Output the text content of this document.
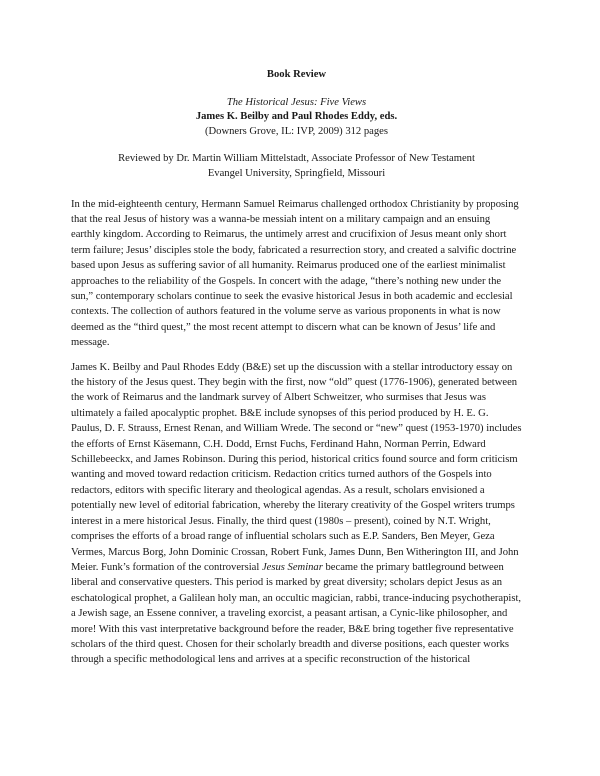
Book Review
The Historical Jesus: Five Views
James K. Beilby and Paul Rhodes Eddy, eds.
(Downers Grove, IL: IVP, 2009) 312 pages
Reviewed by Dr. Martin William Mittelstadt, Associate Professor of New Testament
Evangel University, Springfield, Missouri

In the mid-eighteenth century, Hermann Samuel Reimarus challenged orthodox Christianity by proposing that the real Jesus of history was a wanna-be messiah intent on a military campaign and an ensuing earthly kingdom. According to Reimarus, the untimely arrest and crucifixion of Jesus meant only short term failure; Jesus’ disciples stole the body, fabricated a resurrection story, and created a salvific doctrine based upon Jesus as suffering savior of all humanity. Reimarus produced one of the earliest minimalist approaches to the reliability of the Gospels. In concert with the adage, “there’s nothing new under the sun,” contemporary scholars continue to seek the evasive historical Jesus in both academic and ecclesial contexts. The collection of authors featured in the volume serve as various proponents in what is now deemed as the “third quest,” the most recent attempt to discern what can be known of Jesus’ life and message.

James K. Beilby and Paul Rhodes Eddy (B&E) set up the discussion with a stellar introductory essay on the history of the Jesus quest. They begin with the first, now “old” quest (1776-1906), generated between the work of Reimarus and the landmark survey of Albert Schweitzer, who surmises that Jesus was ultimately a failed apocalyptic prophet. B&E include synopses of this period produced by H. E. G. Paulus, D. F. Strauss, Ernest Renan, and William Wrede. The second or “new” quest (1953-1970) includes the efforts of Ernst Käsemann, C.H. Dodd, Ernst Fuchs, Ferdinand Hahn, Norman Perrin, Edward Schillebeeckx, and James Robinson. During this period, historical critics found source and form criticism wanting and moved toward redaction criticism. Redaction critics turned authors of the Gospels into redactors, editors with specific literary and theological agendas. As a result, scholars envisioned a potentially new level of editorial fabrication, whereby the literary creativity of the Gospel writers trumps interest in a mere historical Jesus. Finally, the third quest (1980s – present), coined by N.T. Wright, comprises the efforts of a broad range of influential scholars such as E.P. Sanders, Ben Meyer, Geza Vermes, Marcus Borg, John Dominic Crossan, Robert Funk, James Dunn, Ben Witherington III, and John Meier. Funk’s formation of the controversial Jesus Seminar became the primary battleground between liberal and conservative questers. This period is marked by great diversity; scholars depict Jesus as an eschatological prophet, a Galilean holy man, an occultic magician, rabbi, trance-inducing psychotherapist, a Jewish sage, an Essene conniver, a traveling exorcist, a peasant artisan, a Cynic-like philosopher, and more! With this vast interpretative background before the reader, B&E bring together five representative scholars of the third quest. Chosen for their scholarly breadth and diverse positions, each quester works through a specific methodological lens and arrives at a specific reconstruction of the historical
